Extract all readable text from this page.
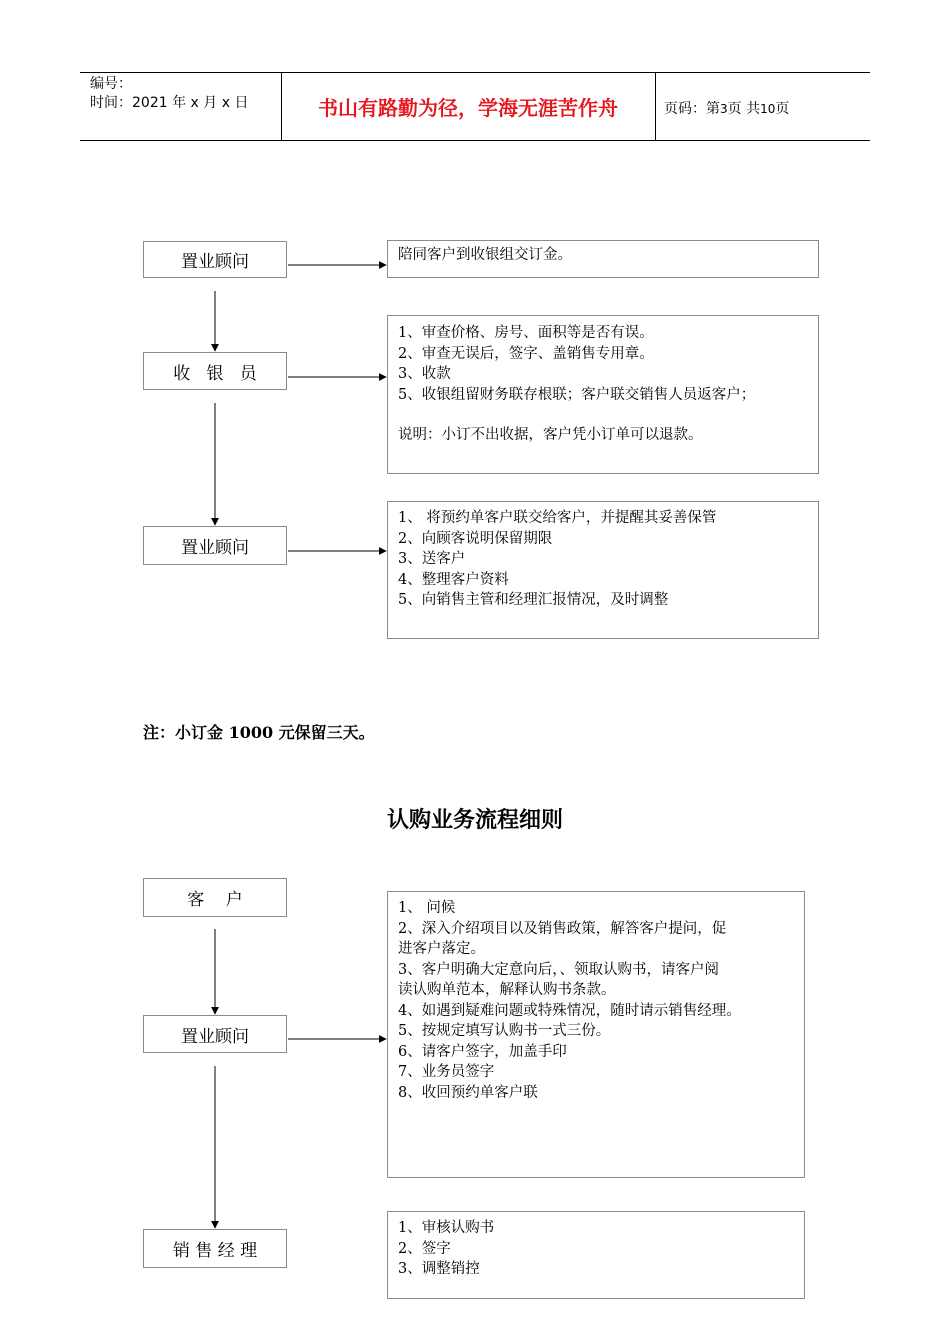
编号：
时间：2021 年 x 月 x 日	书山有路勤为径，学海无涯苦作舟	页码：第3页 共10页
置业顾问
收   银   员
置业顾问
陪同客户到收银组交订金。
1、审查价格、房号、面积等是否有误。
2、审查无误后，签字、盖销售专用章。
3、收款
5、收银组留财务联存根联；客户联交销售人员返客户；
说明：小订不出收据，客户凭小订单可以退款。
1、 将预约单客户联交给客户，并提醒其妥善保管
2、向顾客说明保留期限
3、送客户
4、整理客户资料
5、向销售主管和经理汇报情况，及时调整
注：小订金 1000 元保留三天。
认购业务流程细则
客    户
置业顾问
销 售 经 理
1、 问候
2、深入介绍项目以及销售政策，解答客户提问，促
进客户落定。
3、客户明确大定意向后，、领取认购书，请客户阅
读认购单范本，解释认购书条款。
4、如遇到疑难问题或特殊情况，随时请示销售经理。
5、按规定填写认购书一式三份。
6、请客户签字，加盖手印
7、业务员签字
8、收回预约单客户联
1、审核认购书
2、签字
3、调整销控
